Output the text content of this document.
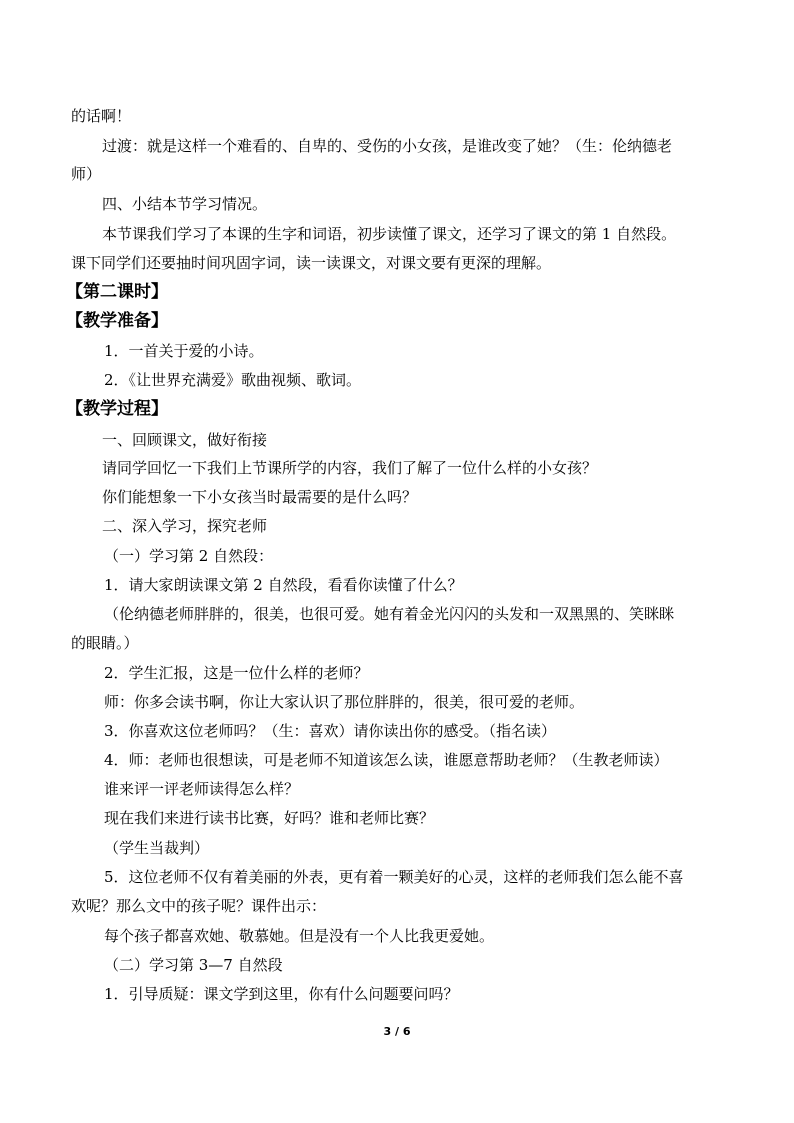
的话啊！
过渡：就是这样一个难看的、自卑的、受伤的小女孩，是谁改变了她？（生：伦纳德老
师）
四、小结本节学习情况。
本节课我们学习了本课的生字和词语，初步读懂了课文，还学习了课文的第 1 自然段。
课下同学们还要抽时间巩固字词，读一读课文，对课文要有更深的理解。
【第二课时】
【教学准备】
1．一首关于爱的小诗。
2．《让世界充满爱》歌曲视频、歌词。
【教学过程】
一、回顾课文，做好衔接
请同学回忆一下我们上节课所学的内容，我们了解了一位什么样的小女孩？
你们能想象一下小女孩当时最需要的是什么吗？
二、深入学习，探究老师
（一）学习第 2 自然段：
1．请大家朗读课文第 2 自然段，看看你读懂了什么？
（伦纳德老师胖胖的，很美，也很可爱。她有着金光闪闪的头发和一双黑黑的、笑眯眯
的眼睛。）
2．学生汇报，这是一位什么样的老师？
师：你多会读书啊，你让大家认识了那位胖胖的，很美，很可爱的老师。
3．你喜欢这位老师吗？（生：喜欢）请你读出你的感受。（指名读）
4．师：老师也很想读，可是老师不知道该怎么读，谁愿意帮助老师？（生教老师读）
谁来评一评老师读得怎么样？
现在我们来进行读书比赛，好吗？谁和老师比赛？
（学生当裁判）
5．这位老师不仅有着美丽的外表，更有着一颗美好的心灵，这样的老师我们怎么能不喜
欢呢？那么文中的孩子呢？课件出示：
每个孩子都喜欢她、敬慕她。但是没有一个人比我更爱她。
（二）学习第 3—7 自然段
1．引导质疑：课文学到这里，你有什么问题要问吗？
3 / 6
